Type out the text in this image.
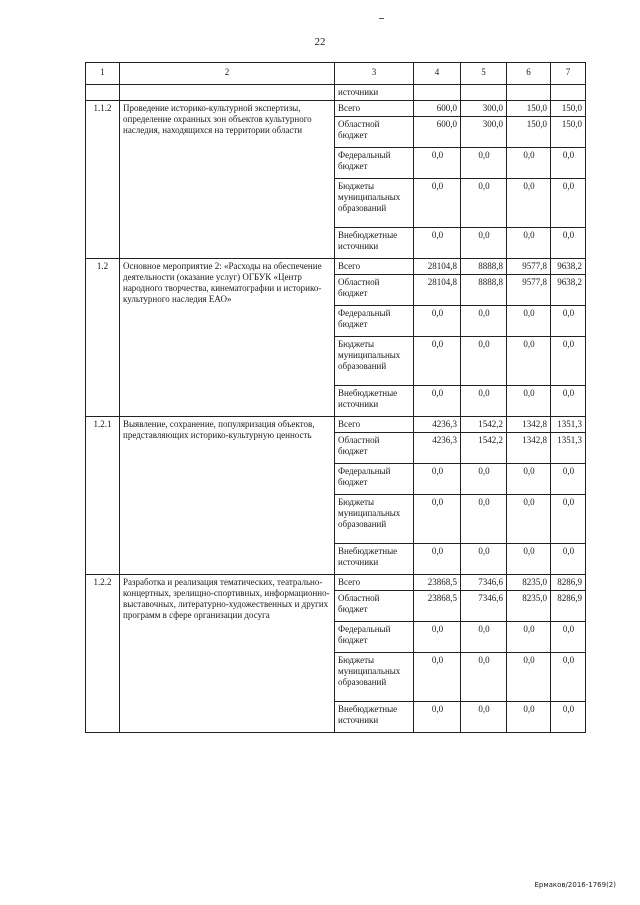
22
1	2	3	4	5	6	7
		источники				
1.1.2	Проведение историко-культурной экспертизы, определение охранных зон объектов культурного наследия, находящихся на территории области	Всего	600,0	300,0	150,0	150,0
		Областной бюджет	600,0	300,0	150,0	150,0
		Федеральный бюджет	0,0	0,0	0,0	0,0
		Бюджеты муниципальных образований	0,0	0,0	0,0	0,0
		Внебюджетные источники	0,0	0,0	0,0	0,0
1.2	Основное мероприятие 2: «Расходы на обеспечение деятельности (оказание услуг) ОГБУК «Центр народного творчества, кинематографии и историко-культурного наследия ЕАО»	Всего	28104,8	8888,8	9577,8	9638,2
		Областной бюджет	28104,8	8888,8	9577,8	9638,2
		Федеральный бюджет	0,0	0,0	0,0	0,0
		Бюджеты муниципальных образований	0,0	0,0	0,0	0,0
		Внебюджетные источники	0,0	0,0	0,0	0,0
1.2.1	Выявление, сохранение, популяризация объектов, представляющих историко-культурную ценность	Всего	4236,3	1542,2	1342,8	1351,3
		Областной бюджет	4236,3	1542,2	1342,8	1351,3
		Федеральный бюджет	0,0	0,0	0,0	0,0
		Бюджеты муниципальных образований	0,0	0,0	0,0	0,0
		Внебюджетные источники	0,0	0,0	0,0	0,0
1.2.2	Разработка и реализация тематических, театрально-концертных, зрелищно-спортивных, информационно-выставочных, литературно-художественных и других программ в сфере организации досуга	Всего	23868,5	7346,6	8235,0	8286,9
		Областной бюджет	23868,5	7346,6	8235,0	8286,9
		Федеральный бюджет	0,0	0,0	0,0	0,0
		Бюджеты муниципальных образований	0,0	0,0	0,0	0,0
		Внебюджетные источники	0,0	0,0	0,0	0,0
Ермаков/2016-1769(2)
